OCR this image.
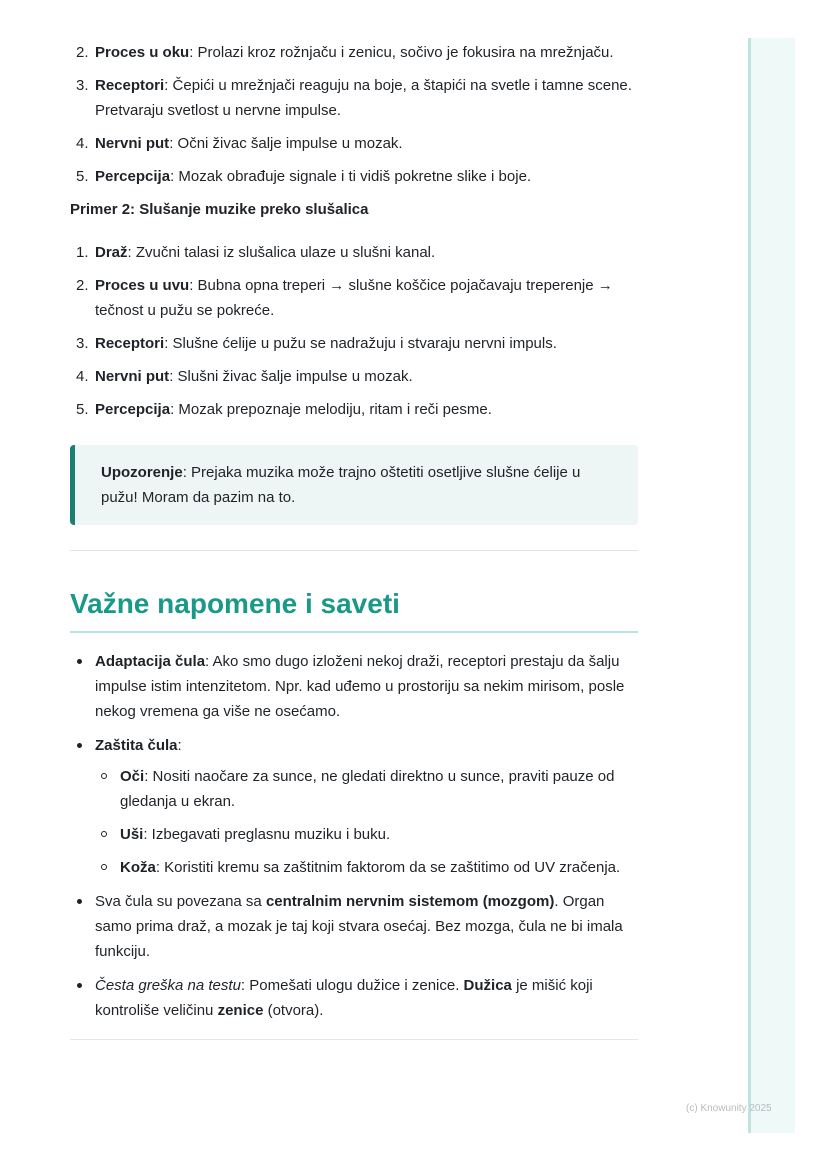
2. Proces u oku: Prolazi kroz rožnjaču i zenicu, sočivo je fokusira na mrežnjaču.
3. Receptori: Čepići u mrežnjači reaguju na boje, a štapići na svetle i tamne scene. Pretvaraju svetlost u nervne impulse.
4. Nervni put: Očni živac šalje impulse u mozak.
5. Percepcija: Mozak obrađuje signale i ti vidiš pokretne slike i boje.

Primer 2: Slušanje muzike preko slušalica

1. Draž: Zvučni talasi iz slušalica ulaze u slušni kanal.
2. Proces u uvu: Bubna opna treperi → slušne koščice pojačavaju treperenje → tečnost u pužu se pokreće.
3. Receptori: Slušne ćelije u pužu se nadražuju i stvaraju nervni impuls.
4. Nervni put: Slušni živac šalje impulse u mozak.
5. Percepcija: Mozak prepoznaje melodiju, ritam i reči pesme.
Upozorenje: Prejaka muzika može trajno oštetiti osetljive slušne ćelije u pužu! Moram da pazim na to.
Važne napomene i saveti
Adaptacija čula: Ako smo dugo izloženi nekoj draži, receptori prestaju da šalju impulse istim intenzitetom. Npr. kad uđemo u prostoriju sa nekim mirisom, posle nekog vremena ga više ne osećamo.
Zaštita čula:
Oči: Nositi naočare za sunce, ne gledati direktno u sunce, praviti pauze od gledanja u ekran.
Uši: Izbegavati preglasnu muziku i buku.
Koža: Koristiti kremu sa zaštitnim faktorom da se zaštitimo od UV zračenja.
Sva čula su povezana sa centralnim nervnim sistemom (mozgom). Organ samo prima draž, a mozak je taj koji stvara osećaj. Bez mozga, čula ne bi imala funkciju.
Česta greška na testu: Pomešati ulogu dužice i zenice. Dužica je mišić koji kontroliše veličinu zenice (otvora).
(c) Knowunity 2025
